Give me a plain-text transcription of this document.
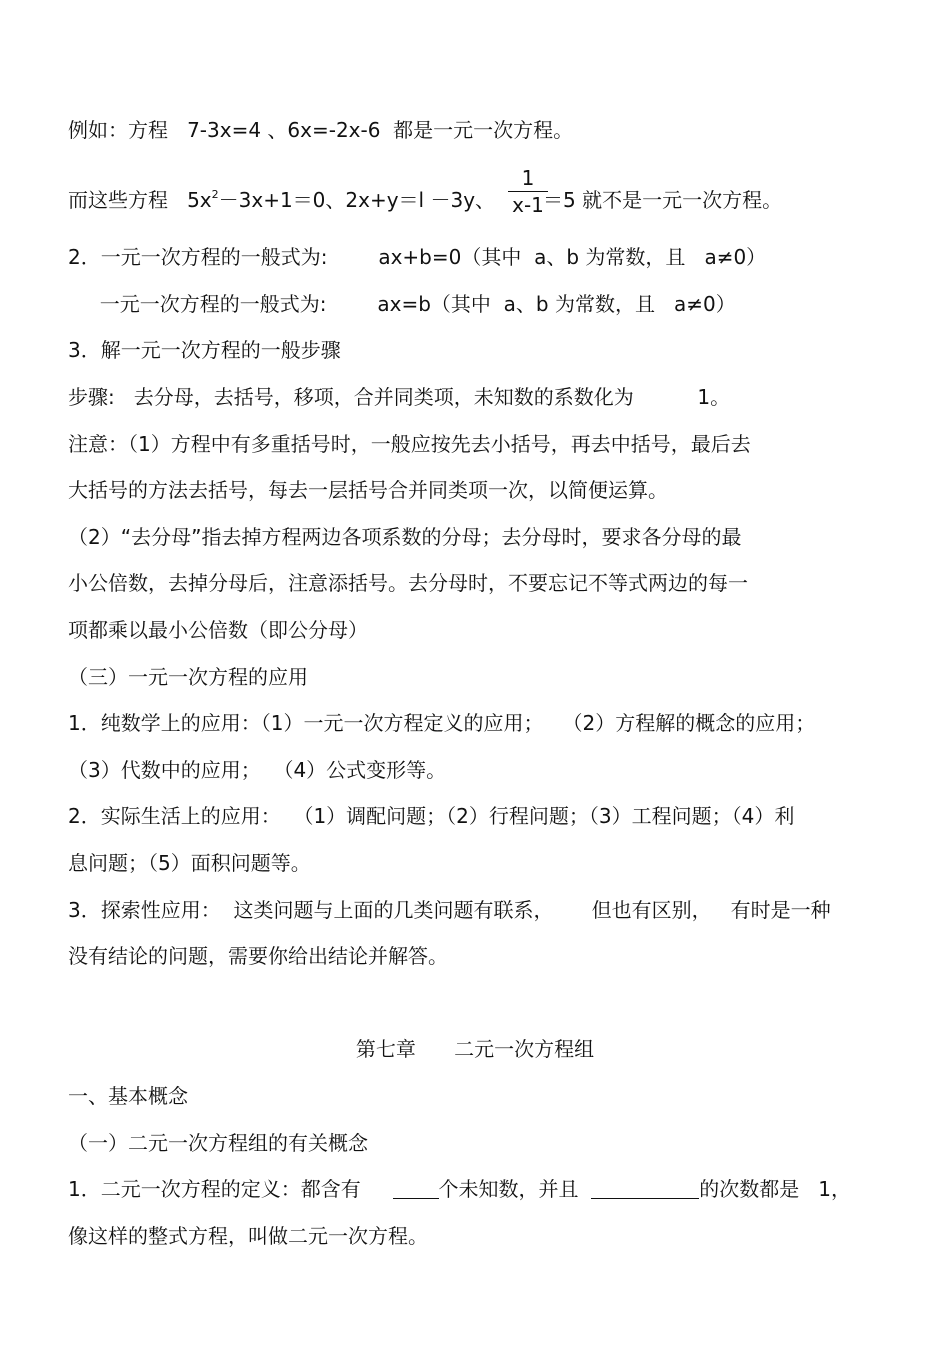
例如：方程   7-3x=4 、6x=-2x-6  都是一元一次方程。
而这些方程   $5x^2-3x+1=0$、2x+y＝l －3y、 ＝5 就不是一元一次方程。
1
x-1
2．一元一次方程的一般式为:        ax+b=0（其中  a、b 为常数，且   a≠0）
一元一次方程的一般式为:        ax=b（其中  a、b 为常数，且   a≠0）
3．解一元一次方程的一般步骤
步骤:   去分母，去括号，移项，合并同类项，未知数的系数化为          1。
注意：（1）方程中有多重括号时，一般应按先去小括号，再去中括号，最后去
大括号的方法去括号，每去一层括号合并同类项一次，以简便运算。
（2）“去分母”指去掉方程两边各项系数的分母；去分母时，要求各分母的最
小公倍数，去掉分母后，注意添括号。去分母时，不要忘记不等式两边的每一
项都乘以最小公倍数（即公分母）
（三）一元一次方程的应用
1．纯数学上的应用：（1）一元一次方程定义的应用；   （2）方程解的概念的应用；
（3）代数中的应用；  （4）公式变形等。
2．实际生活上的应用：  （1）调配问题；（2）行程问题；（3）工程问题；（4）利
息问题；（5）面积问题等。
3．探索性应用：  这类问题与上面的几类问题有联系，      但也有区别，   有时是一种
没有结论的问题，需要你给出结论并解答。
第七章      二元一次方程组
一、基本概念
（一）二元一次方程组的有关概念
1．二元一次方程的定义：都含有     个未知数，并且	的次数都是   1，
像这样的整式方程，叫做二元一次方程。
